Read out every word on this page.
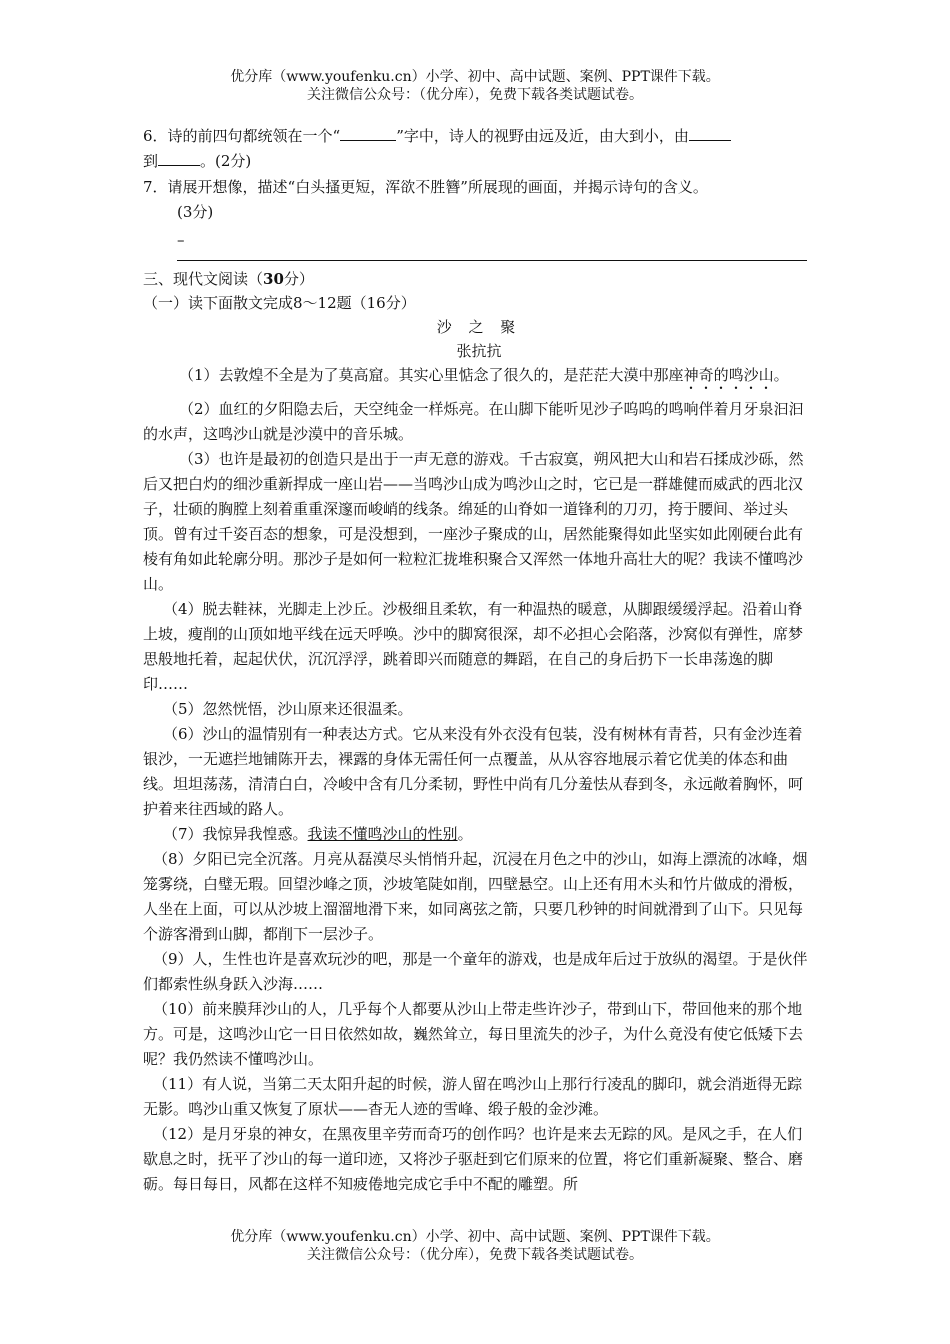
优分库（www.youfenku.cn）小学、初中、高中试题、案例、PPT课件下载。
关注微信公众号：（优分库），免费下载各类试题试卷。

6．诗的前四句都统领在一个“	”字中，诗人的视野由远及近，由大到小，由
到	。(2分)

7．请展开想像，描述“白头搔更短，浑欲不胜簪”所展现的画面，并揭示诗句的含义。

(3分)

–
三、现代文阅读（30分）
（一）读下面散文完成8～12题（16分）
沙 之 聚
张抗抗

（1）去敦煌不全是为了莫高窟。其实心里惦念了很久的，是茫茫大漠中那座神奇的鸣沙山。

（2）血红的夕阳隐去后，天空纯金一样烁亮。在山脚下能听见沙子呜呜的鸣响伴着月牙泉汩汩的水声，这鸣沙山就是沙漠中的音乐城。

（3）也许是最初的创造只是出于一声无意的游戏。千古寂寞，朔风把大山和岩石揉成沙砾，然后又把白灼的细沙重新捍成一座山岩——当鸣沙山成为鸣沙山之时，它已是一群雄健而威武的西北汉子，壮硕的胸膛上刻着重重深邃而峻峭的线条。绵延的山脊如一道锋利的刀刃，挎于腰间、举过头顶。曾有过千姿百态的想象，可是没想到，一座沙子聚成的山，居然能聚得如此坚实如此刚硬台此有棱有角如此轮廓分明。那沙子是如何一粒粒汇拢堆积聚合又浑然一体地升高壮大的呢？我读不懂鸣沙山。

（4）脱去鞋袜，光脚走上沙丘。沙极细且柔软，有一种温热的暖意，从脚跟缓缓浮起。沿着山脊上坡，瘦削的山顶如地平线在远天呼唤。沙中的脚窝很深，却不必担心会陷落，沙窝似有弹性，席梦思般地托着，起起伏伏，沉沉浮浮，跳着即兴而随意的舞蹈，在自己的身后扔下一长串荡逸的脚印……

（5）忽然恍悟，沙山原来还很温柔。

（6）沙山的温情别有一种表达方式。它从来没有外衣没有包装，没有树林有青苔，只有金沙连着银沙，一无遮拦地铺陈开去，裸露的身体无需任何一点覆盖，从从容容地展示着它优美的体态和曲线。坦坦荡荡，清清白白，冷峻中含有几分柔韧，野性中尚有几分羞怯从春到冬，永远敞着胸怀，呵护着来往西域的路人。

（7）我惊异我惶惑。我读不懂鸣沙山的性别。

（8）夕阳已完全沉落。月亮从磊漠尽头悄悄升起，沉浸在月色之中的沙山，如海上漂流的冰峰，烟笼雾绕，白璧无瑕。回望沙峰之顶，沙坡笔陡如削，四壁悬空。山上还有用木头和竹片做成的滑板，人坐在上面，可以从沙坡上溜溜地滑下来，如同离弦之箭，只要几秒钟的时间就滑到了山下。只见每个游客滑到山脚，都削下一层沙子。

（9）人，生性也许是喜欢玩沙的吧，那是一个童年的游戏，也是成年后过于放纵的渴望。于是伙伴们都索性纵身跃入沙海……

（10）前来膜拜沙山的人，几乎每个人都要从沙山上带走些许沙子，带到山下，带回他来的那个地方。可是，这鸣沙山它一日日依然如故，巍然耸立，每日里流失的沙子，为什么竟没有使它低矮下去呢？我仍然读不懂鸣沙山。

（11）有人说，当第二天太阳升起的时候，游人留在鸣沙山上那行行凌乱的脚印，就会消逝得无踪无影。鸣沙山重又恢复了原状——杳无人迹的雪峰、缎子般的金沙滩。

（12）是月牙泉的神女，在黑夜里辛劳而奇巧的创作吗？也许是来去无踪的风。是风之手，在人们歇息之时，抚平了沙山的每一道印迹，又将沙子驱赶到它们原来的位置，将它们重新凝聚、整合、磨砺。每日每日，风都在这样不知疲倦地完成它手中不配的雕塑。所

优分库（www.youfenku.cn）小学、初中、高中试题、案例、PPT课件下载。
关注微信公众号：（优分库），免费下载各类试题试卷。
